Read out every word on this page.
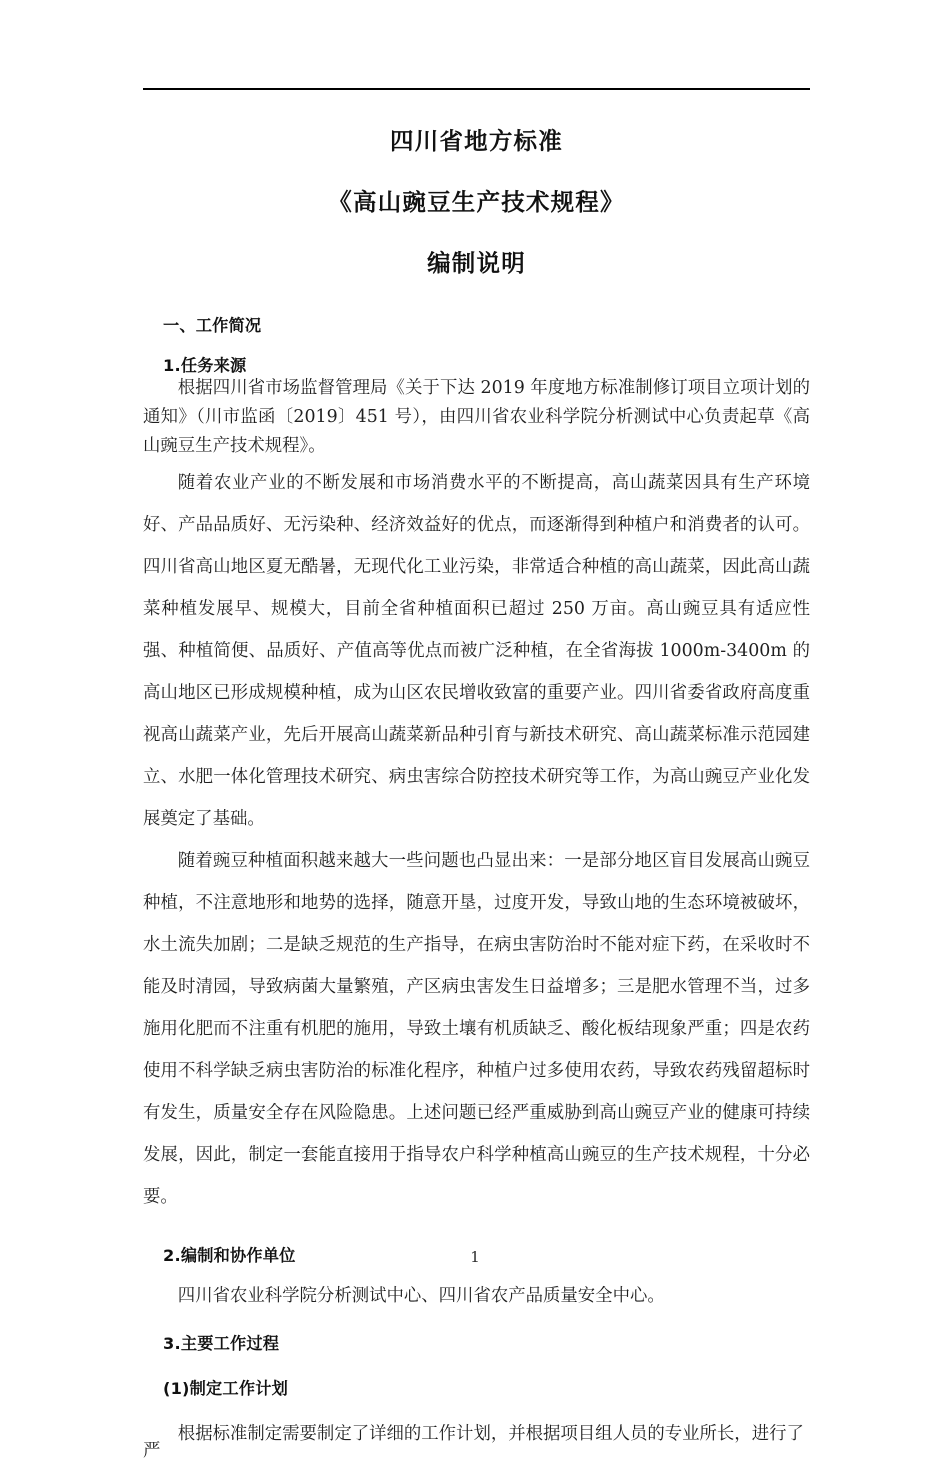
四川省地方标准
《高山豌豆生产技术规程》
编制说明
一、工作简况
1.任务来源

根据四川省市场监督管理局《关于下达 2019 年度地方标准制修订项目立项计划的通知》（川市监函〔2019〕451 号），由四川省农业科学院分析测试中心负责起草《高山豌豆生产技术规程》。

随着农业产业的不断发展和市场消费水平的不断提高，高山蔬菜因具有生产环境好、产品品质好、无污染种、经济效益好的优点，而逐渐得到种植户和消费者的认可。四川省高山地区夏无酷暑，无现代化工业污染，非常适合种植的高山蔬菜，因此高山蔬菜种植发展早、规模大，目前全省种植面积已超过 250 万亩。高山豌豆具有适应性强、种植简便、品质好、产值高等优点而被广泛种植，在全省海拔 1000m-3400m 的高山地区已形成规模种植，成为山区农民增收致富的重要产业。四川省委省政府高度重视高山蔬菜产业，先后开展高山蔬菜新品种引育与新技术研究、高山蔬菜标准示范园建立、水肥一体化管理技术研究、病虫害综合防控技术研究等工作，为高山豌豆产业化发展奠定了基础。

随着豌豆种植面积越来越大一些问题也凸显出来：一是部分地区盲目发展高山豌豆种植，不注意地形和地势的选择，随意开垦，过度开发，导致山地的生态环境被破坏，水土流失加剧；二是缺乏规范的生产指导，在病虫害防治时不能对症下药，在采收时不能及时清园，导致病菌大量繁殖，产区病虫害发生日益增多；三是肥水管理不当，过多施用化肥而不注重有机肥的施用，导致土壤有机质缺乏、酸化板结现象严重；四是农药使用不科学缺乏病虫害防治的标准化程序，种植户过多使用农药，导致农药残留超标时有发生，质量安全存在风险隐患。上述问题已经严重威胁到高山豌豆产业的健康可持续发展，因此，制定一套能直接用于指导农户科学种植高山豌豆的生产技术规程，十分必要。

2.编制和协作单位

四川省农业科学院分析测试中心、四川省农产品质量安全中心。

3.主要工作过程
(1)制定工作计划

根据标准制定需要制定了详细的工作计划，并根据项目组人员的专业所长，进行了严

1
